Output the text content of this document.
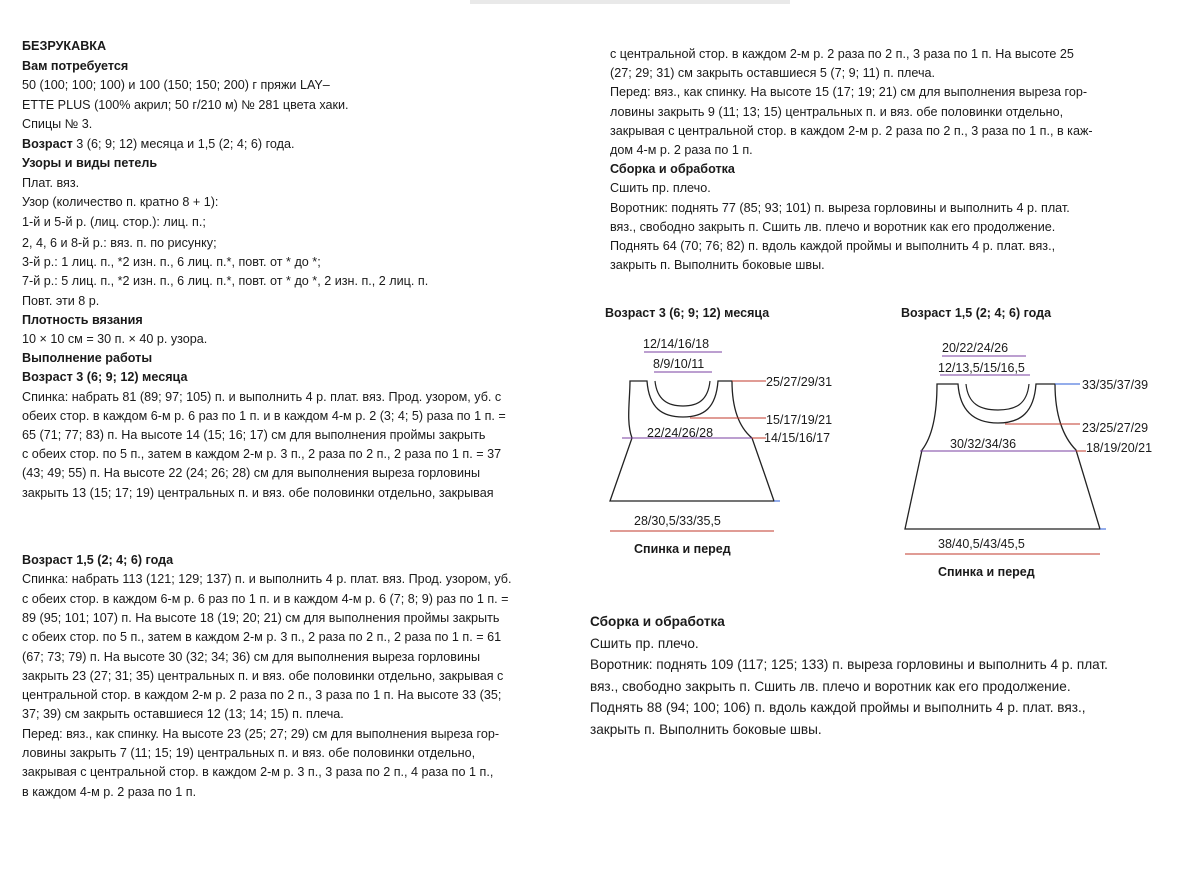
БЕЗРУКАВКА
Вам потребуется
50 (100; 100; 100) и 100 (150; 150; 200) г пряжи LAY–
ETTE PLUS (100% акрил; 50 г/210 м) № 281 цвета хаки.
Спицы № 3.
Возраст 3 (6; 9; 12) месяца и 1,5 (2; 4; 6) года.
Узоры и виды петель
Плат. вяз.
Узор (количество п. кратно 8 + 1):
1-й и 5-й р. (лиц. стор.): лиц. п.;
2, 4, 6 и 8-й р.: вяз. п. по рисунку;
3-й р.: 1 лиц. п., *2 изн. п., 6 лиц. п.*, повт. от * до *;
7-й р.: 5 лиц. п., *2 изн. п., 6 лиц. п.*, повт. от * до *, 2 изн. п., 2 лиц. п.
Повт. эти 8 р.
Плотность вязания
10 × 10 см = 30 п. × 40 р. узора.
Выполнение работы
Возраст 3 (6; 9; 12) месяца
Спинка: набрать 81 (89; 97; 105) п. и выполнить 4 р. плат. вяз. Прод. узором, уб. с
обеих стор. в каждом 6-м р. 6 раз по 1 п. и в каждом 4-м р. 2 (3; 4; 5) раза по 1 п. =
65 (71; 77; 83) п. На высоте 14 (15; 16; 17) см для выполнения проймы закрыть
с обеих стор. по 5 п., затем в каждом 2-м р. 3 п., 2 раза по 2 п., 2 раза по 1 п. = 37
(43; 49; 55) п. На высоте 22 (24; 26; 28) см для выполнения выреза горловины
закрыть 13 (15; 17; 19) центральных п. и вяз. обе половинки отдельно, закрывая
Возраст 1,5 (2; 4; 6) года
Спинка: набрать 113 (121; 129; 137) п. и выполнить 4 р. плат. вяз. Прод. узором, уб.
с обеих стор. в каждом 6-м р. 6 раз по 1 п. и в каждом 4-м р. 6 (7; 8; 9) раз по 1 п. =
89 (95; 101; 107) п. На высоте 18 (19; 20; 21) см для выполнения проймы закрыть
с обеих стор. по 5 п., затем в каждом 2-м р. 3 п., 2 раза по 2 п., 2 раза по 1 п. = 61
(67; 73; 79) п. На высоте 30 (32; 34; 36) см для выполнения выреза горловины
закрыть 23 (27; 31; 35) центральных п. и вяз. обе половинки отдельно, закрывая с
центральной стор. в каждом 2-м р. 2 раза по 2 п., 3 раза по 1 п. На высоте 33 (35;
37; 39) см закрыть оставшиеся 12 (13; 14; 15) п. плеча.
Перед: вяз., как спинку. На высоте 23 (25; 27; 29) см для выполнения выреза гор-
ловины закрыть 7 (11; 15; 19) центральных п. и вяз. обе половинки отдельно,
закрывая с центральной стор. в каждом 2-м р. 3 п., 3 раза по 2 п., 4 раза по 1 п.,
в каждом 4-м р. 2 раза по 1 п.
с центральной стор. в каждом 2-м р. 2 раза по 2 п., 3 раза по 1 п. На высоте 25
(27; 29; 31) см закрыть оставшиеся 5 (7; 9; 11) п. плеча.
Перед: вяз., как спинку. На высоте 15 (17; 19; 21) см для выполнения выреза гор-
ловины закрыть 9 (11; 13; 15) центральных п. и вяз. обе половинки отдельно,
закрывая с центральной стор. в каждом 2-м р. 2 раза по 2 п., 3 раза по 1 п., в каж-
дом 4-м р. 2 раза по 1 п.
Сборка и обработка
Сшить пр. плечо.
Воротник: поднять 77 (85; 93; 101) п. выреза горловины и выполнить 4 р. плат.
вяз., свободно закрыть п. Сшить лв. плечо и воротник как его продолжение.
Поднять 64 (70; 76; 82) п. вдоль каждой проймы и выполнить 4 р. плат. вяз.,
закрыть п. Выполнить боковые швы.
Возраст 3 (6; 9; 12) месяца
12/14/16/18
8/9/10/11
25/27/29/31
15/17/19/21
22/24/26/28	14/15/16/17
28/30,5/33/35,5
Спинка и перед
Возраст 1,5 (2; 4; 6) года
20/22/24/26
12/13,5/15/16,5
33/35/37/39
23/25/27/29
30/32/34/36	18/19/20/21
38/40,5/43/45,5
Спинка и перед
Сборка и обработка
Сшить пр. плечо.
Воротник: поднять 109 (117; 125; 133) п. выреза горловины и выполнить 4 р. плат.
вяз., свободно закрыть п. Сшить лв. плечо и воротник как его продолжение.
Поднять 88 (94; 100; 106) п. вдоль каждой проймы и выполнить 4 р. плат. вяз.,
закрыть п. Выполнить боковые швы.
